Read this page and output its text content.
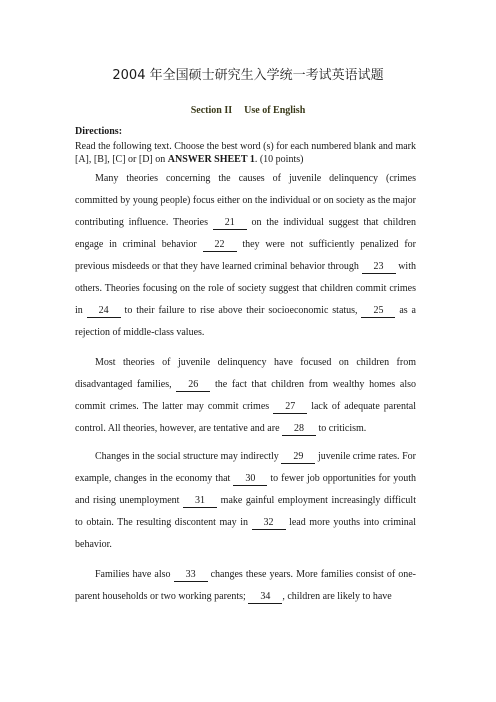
2004 年全国硕士研究生入学统一考试英语试题
Section II Use of English
Directions:

Read the following text. Choose the best word (s) for each numbered blank and mark [A], [B], [C] or [D] on ANSWER SHEET 1. (10 points)

Many theories concerning the causes of juvenile delinquency (crimes committed by young people) focus either on the individual or on society as the major contributing influence. Theories 21 on the individual suggest that children engage in criminal behavior 22 they were not sufficiently penalized for previous misdeeds or that they have learned criminal behavior through 23 with others. Theories focusing on the role of society suggest that children commit crimes in 24 to their failure to rise above their socioeconomic status, 25 as a rejection of middle-class values.

Most theories of juvenile delinquency have focused on children from disadvantaged families, 26 the fact that children from wealthy homes also commit crimes. The latter may commit crimes 27 lack of adequate parental control. All theories, however, are tentative and are 28 to criticism.

Changes in the social structure may indirectly 29 juvenile crime rates. For example, changes in the economy that 30 to fewer job opportunities for youth and rising unemployment 31 make gainful employment increasingly difficult to obtain. The resulting discontent may in 32 lead more youths into criminal behavior.

Families have also 33 changes these years. More families consist of one-parent households or two working parents; 34 , children are likely to have
